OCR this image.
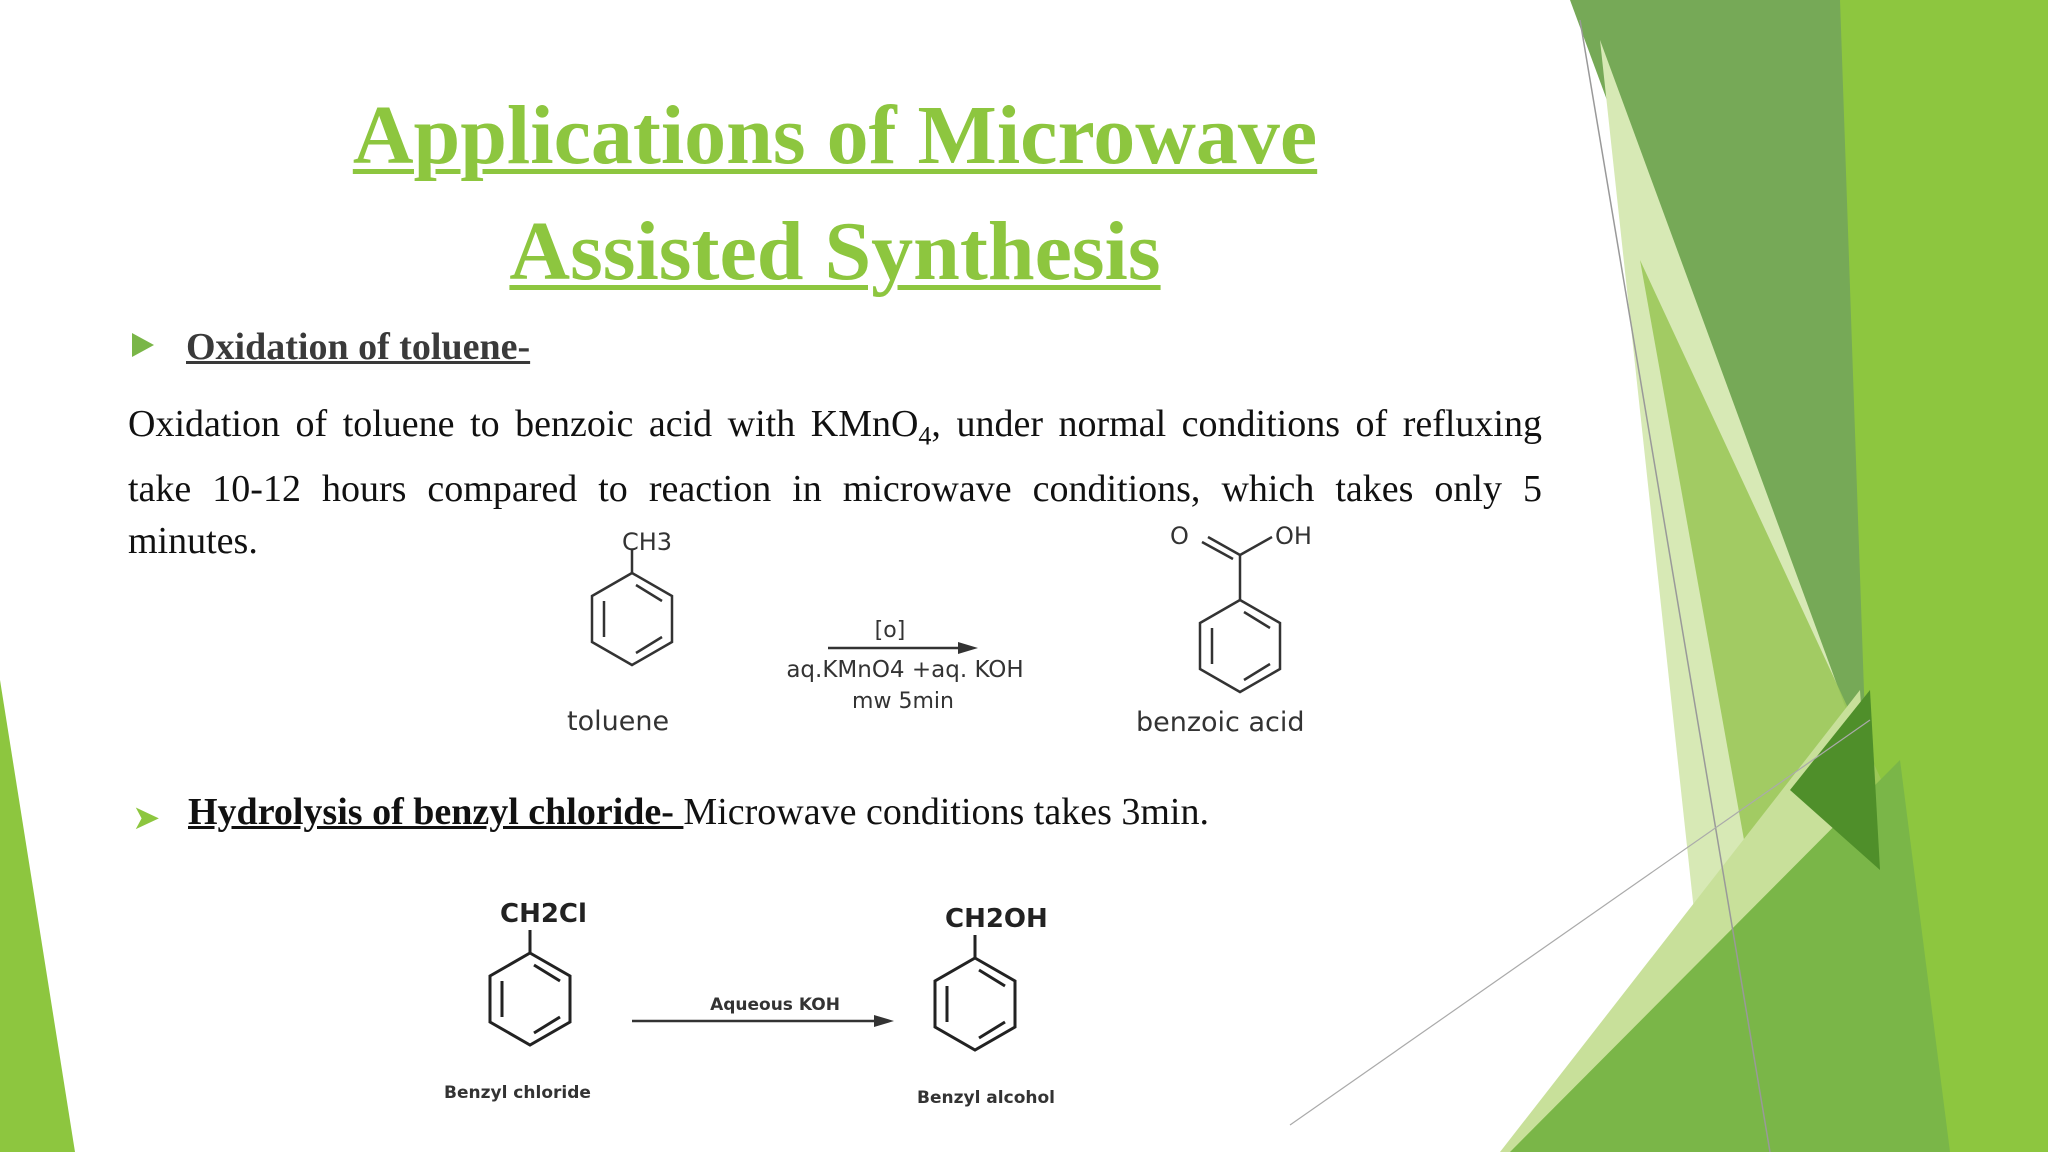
Applications of Microwave
Assisted Synthesis
Oxidation of toluene-

Oxidation of toluene to benzoic acid with KMnO$_4$, under normal conditions of refluxing take 10-12 hours compared to reaction in microwave conditions, which takes only 5 minutes.	CH3
toluene
[o]
aq.KMnO4 +aq. KOH
mw 5min
O	OH
benzoic acid
➤ Hydrolysis of benzyl chloride- Microwave conditions takes 3min.

CH2Cl
Benzyl chloride
Aqueous KOH
CH2OH
Benzyl alcohol
